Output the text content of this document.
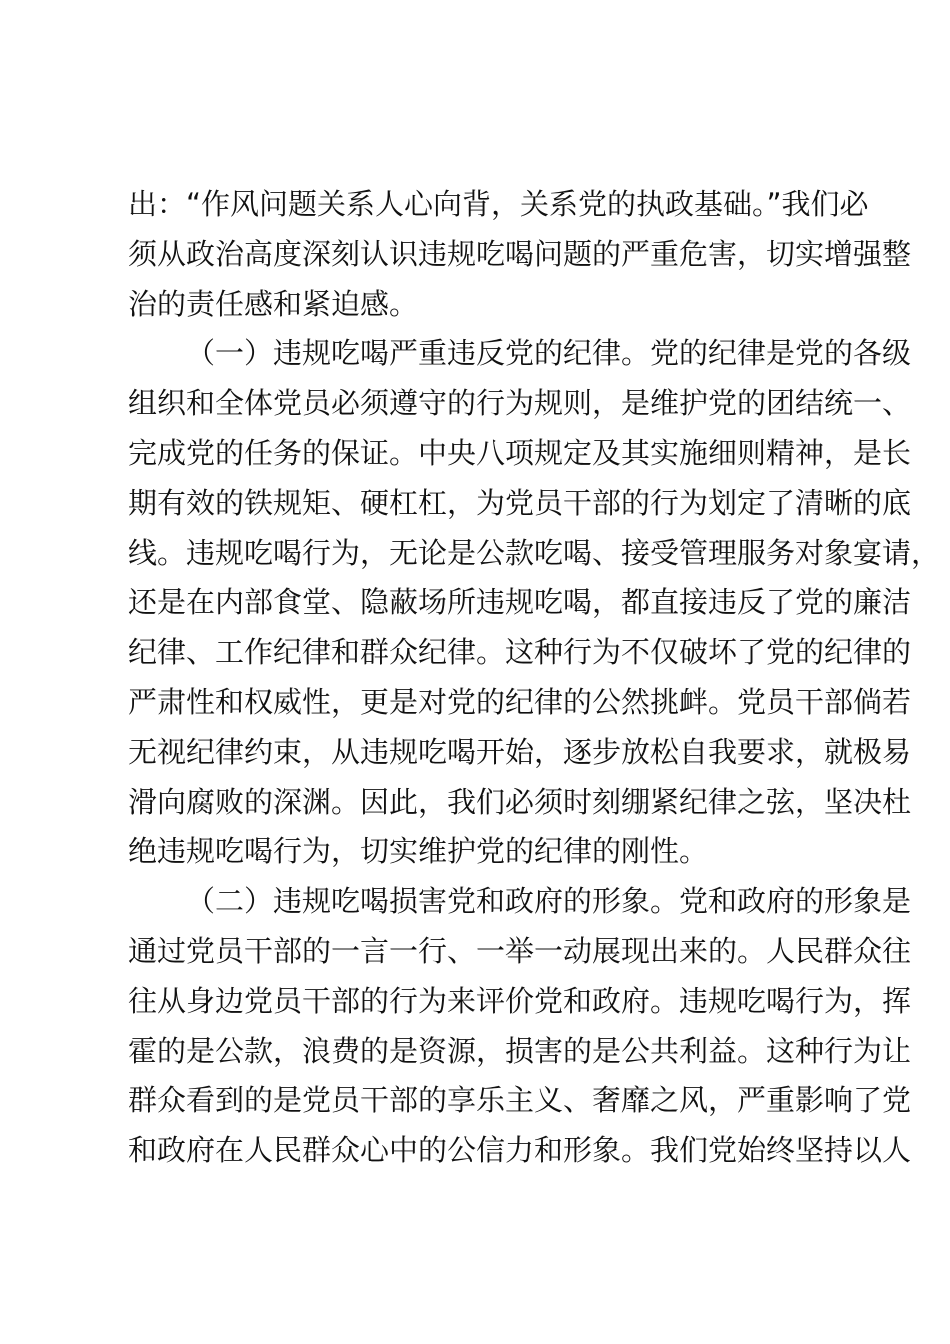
出：“作风问题关系人心向背，关系党的执政基础。”我们必
须从政治高度深刻认识违规吃喝问题的严重危害，切实增强整
治的责任感和紧迫感。
（一）违规吃喝严重违反党的纪律。党的纪律是党的各级
组织和全体党员必须遵守的行为规则，是维护党的团结统一、
完成党的任务的保证。中央八项规定及其实施细则精神，是长
期有效的铁规矩、硬杠杠，为党员干部的行为划定了清晰的底
线。违规吃喝行为，无论是公款吃喝、接受管理服务对象宴请，
还是在内部食堂、隐蔽场所违规吃喝，都直接违反了党的廉洁
纪律、工作纪律和群众纪律。这种行为不仅破坏了党的纪律的
严肃性和权威性，更是对党的纪律的公然挑衅。党员干部倘若
无视纪律约束，从违规吃喝开始，逐步放松自我要求，就极易
滑向腐败的深渊。因此，我们必须时刻绷紧纪律之弦，坚决杜
绝违规吃喝行为，切实维护党的纪律的刚性。
（二）违规吃喝损害党和政府的形象。党和政府的形象是
通过党员干部的一言一行、一举一动展现出来的。人民群众往
往从身边党员干部的行为来评价党和政府。违规吃喝行为，挥
霍的是公款，浪费的是资源，损害的是公共利益。这种行为让
群众看到的是党员干部的享乐主义、奢靡之风，严重影响了党
和政府在人民群众心中的公信力和形象。我们党始终坚持以人
